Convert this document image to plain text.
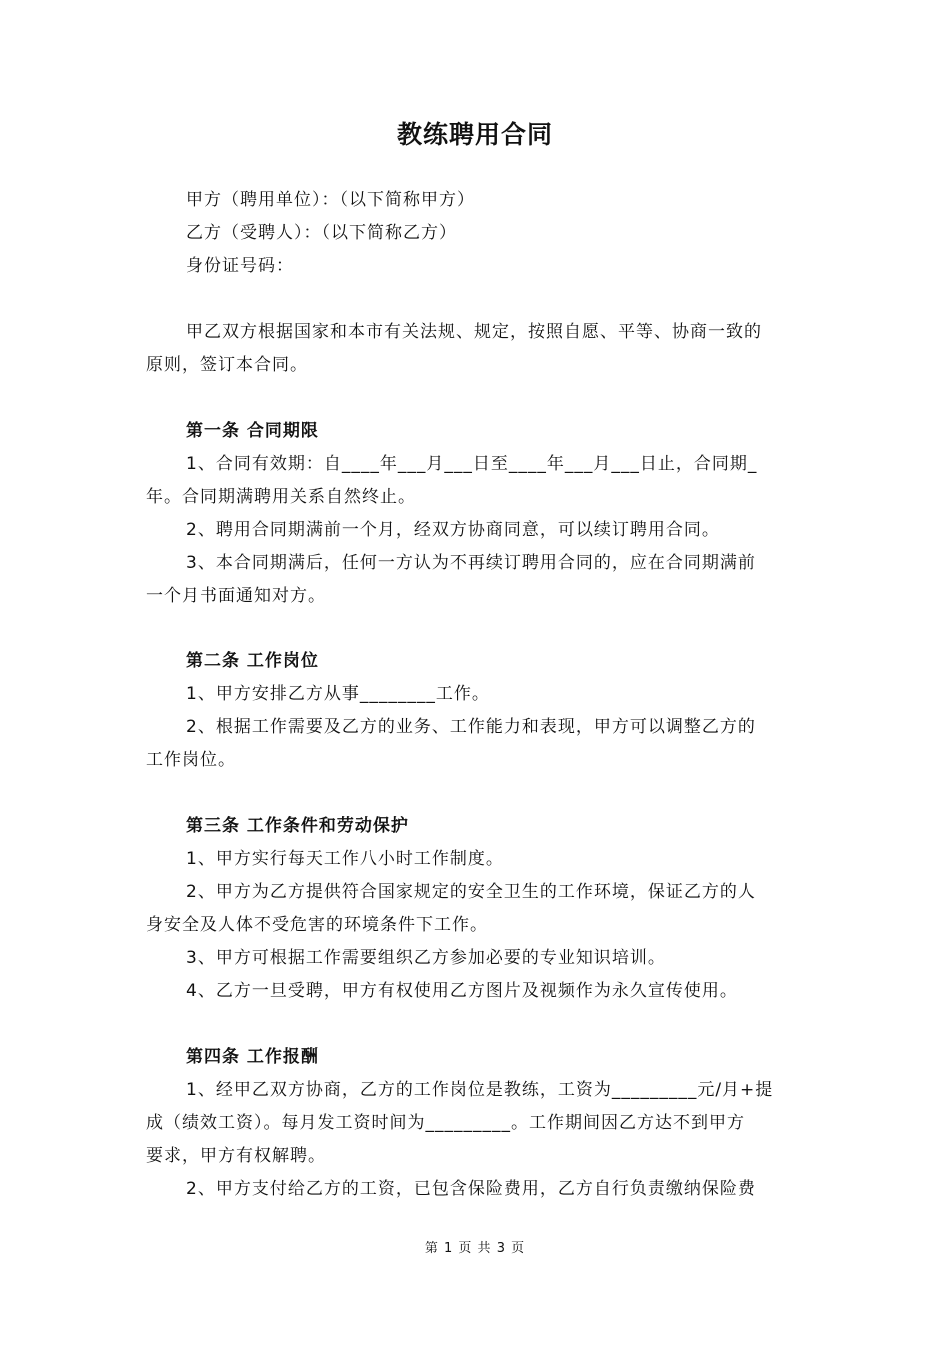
教练聘用合同
甲方（聘用单位）：（以下简称甲方）
乙方（受聘人）：（以下简称乙方）
身份证号码：
甲乙双方根据国家和本市有关法规、规定，按照自愿、平等、协商一致的
原则，签订本合同。
第一条 合同期限
1、合同有效期：自____年___月___日至____年___月___日止，合同期_
年。合同期满聘用关系自然终止。
2、聘用合同期满前一个月，经双方协商同意，可以续订聘用合同。
3、本合同期满后，任何一方认为不再续订聘用合同的，应在合同期满前
一个月书面通知对方。
第二条 工作岗位
1、甲方安排乙方从事________工作。
2、根据工作需要及乙方的业务、工作能力和表现，甲方可以调整乙方的
工作岗位。
第三条 工作条件和劳动保护
1、甲方实行每天工作八小时工作制度。
2、甲方为乙方提供符合国家规定的安全卫生的工作环境，保证乙方的人
身安全及人体不受危害的环境条件下工作。
3、甲方可根据工作需要组织乙方参加必要的专业知识培训。
4、乙方一旦受聘，甲方有权使用乙方图片及视频作为永久宣传使用。
第四条 工作报酬
1、经甲乙双方协商，乙方的工作岗位是教练，工资为_________元/月+提
成（绩效工资）。每月发工资时间为_________。工作期间因乙方达不到甲方
要求，甲方有权解聘。
2、甲方支付给乙方的工资，已包含保险费用，乙方自行负责缴纳保险费
第 1 页 共 3 页
